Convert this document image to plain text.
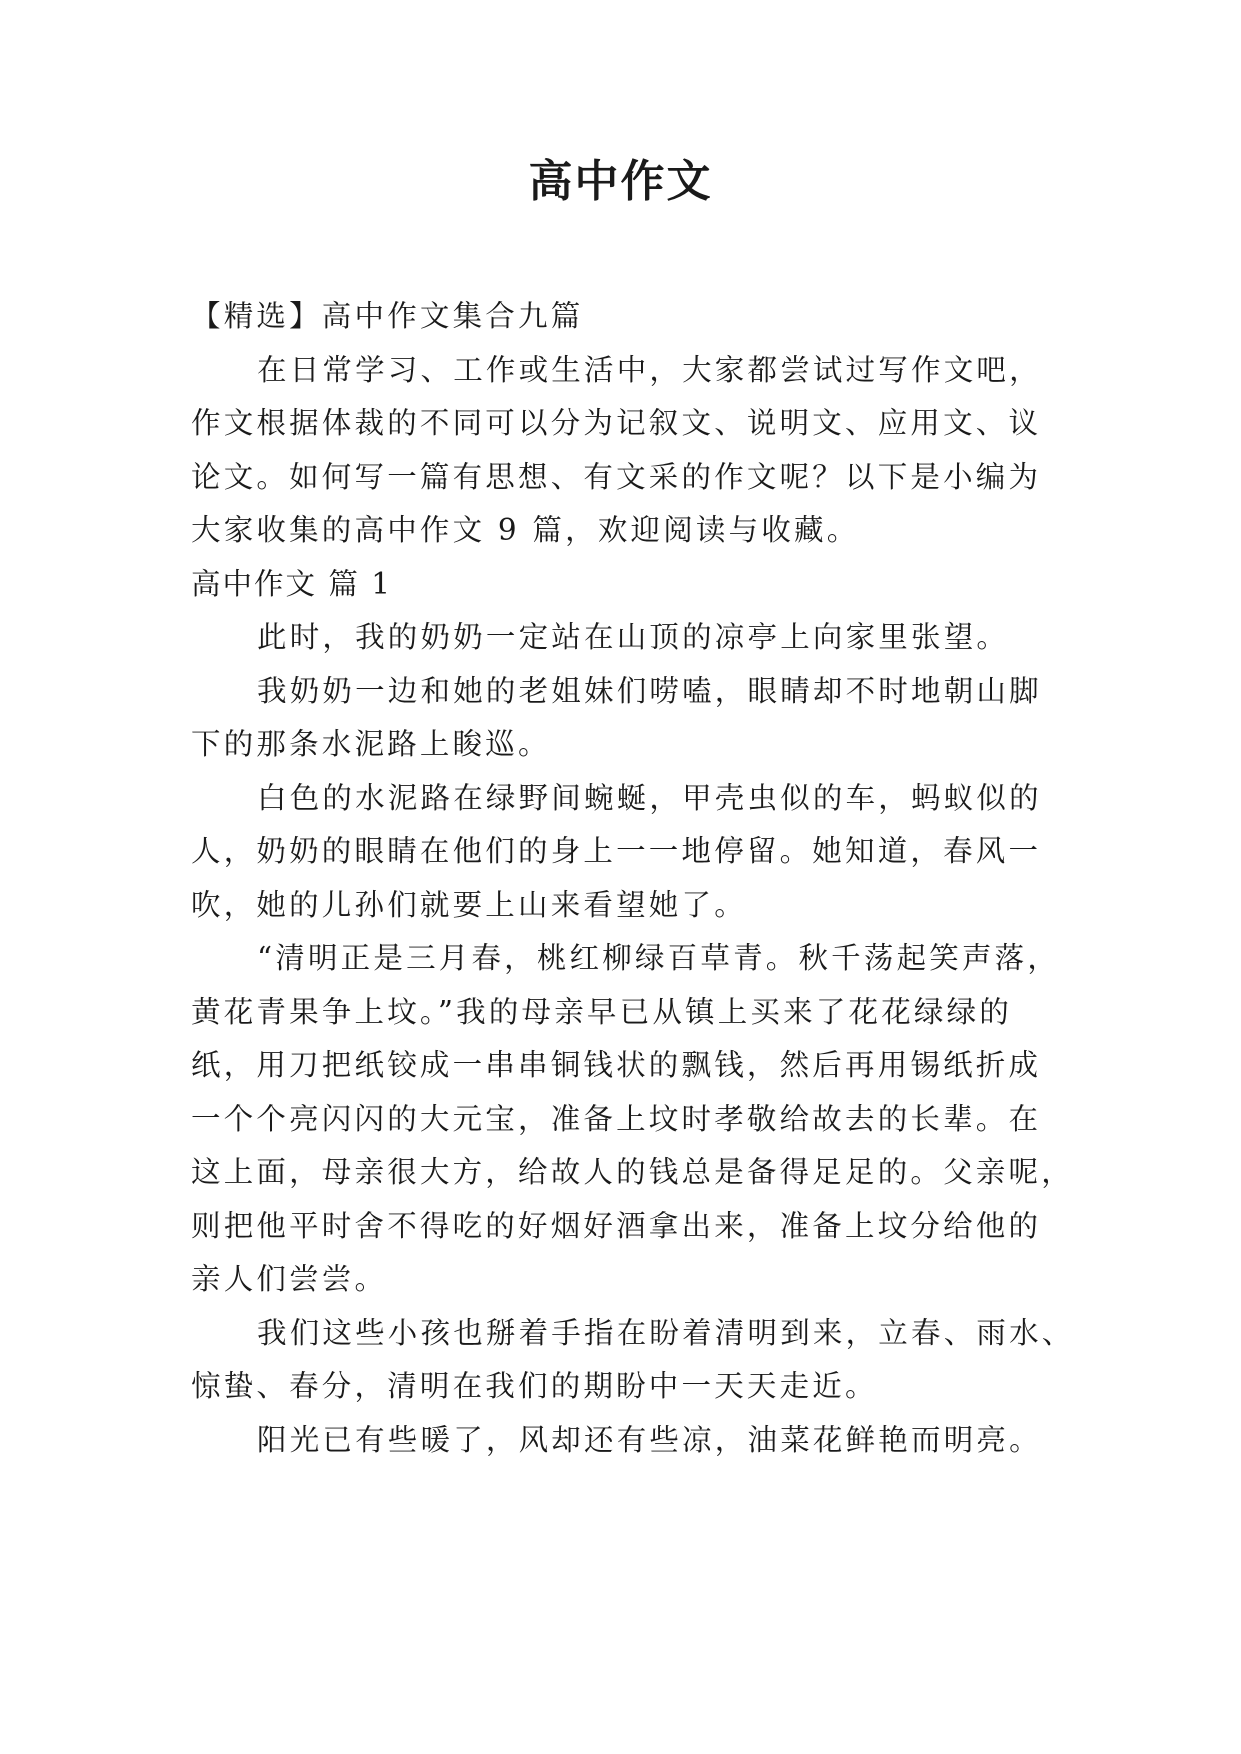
高中作文
【精选】高中作文集合九篇
在日常学习、工作或生活中，大家都尝试过写作文吧，
作文根据体裁的不同可以分为记叙文、说明文、应用文、议
论文。如何写一篇有思想、有文采的作文呢？以下是小编为
大家收集的高中作文 9 篇，欢迎阅读与收藏。
高中作文 篇 1
此时，我的奶奶一定站在山顶的凉亭上向家里张望。
我奶奶一边和她的老姐妹们唠嗑，眼睛却不时地朝山脚
下的那条水泥路上睃巡。
白色的水泥路在绿野间蜿蜒，甲壳虫似的车，蚂蚁似的
人，奶奶的眼睛在他们的身上一一地停留。她知道，春风一
吹，她的儿孙们就要上山来看望她了。
“清明正是三月春，桃红柳绿百草青。秋千荡起笑声落，
黄花青果争上坟。”我的母亲早已从镇上买来了花花绿绿的
纸，用刀把纸铰成一串串铜钱状的飘钱，然后再用锡纸折成
一个个亮闪闪的大元宝，准备上坟时孝敬给故去的长辈。在
这上面，母亲很大方，给故人的钱总是备得足足的。父亲呢，
则把他平时舍不得吃的好烟好酒拿出来，准备上坟分给他的
亲人们尝尝。
我们这些小孩也掰着手指在盼着清明到来，立春、雨水、
惊蛰、春分，清明在我们的期盼中一天天走近。
阳光已有些暖了，风却还有些凉，油菜花鲜艳而明亮。
